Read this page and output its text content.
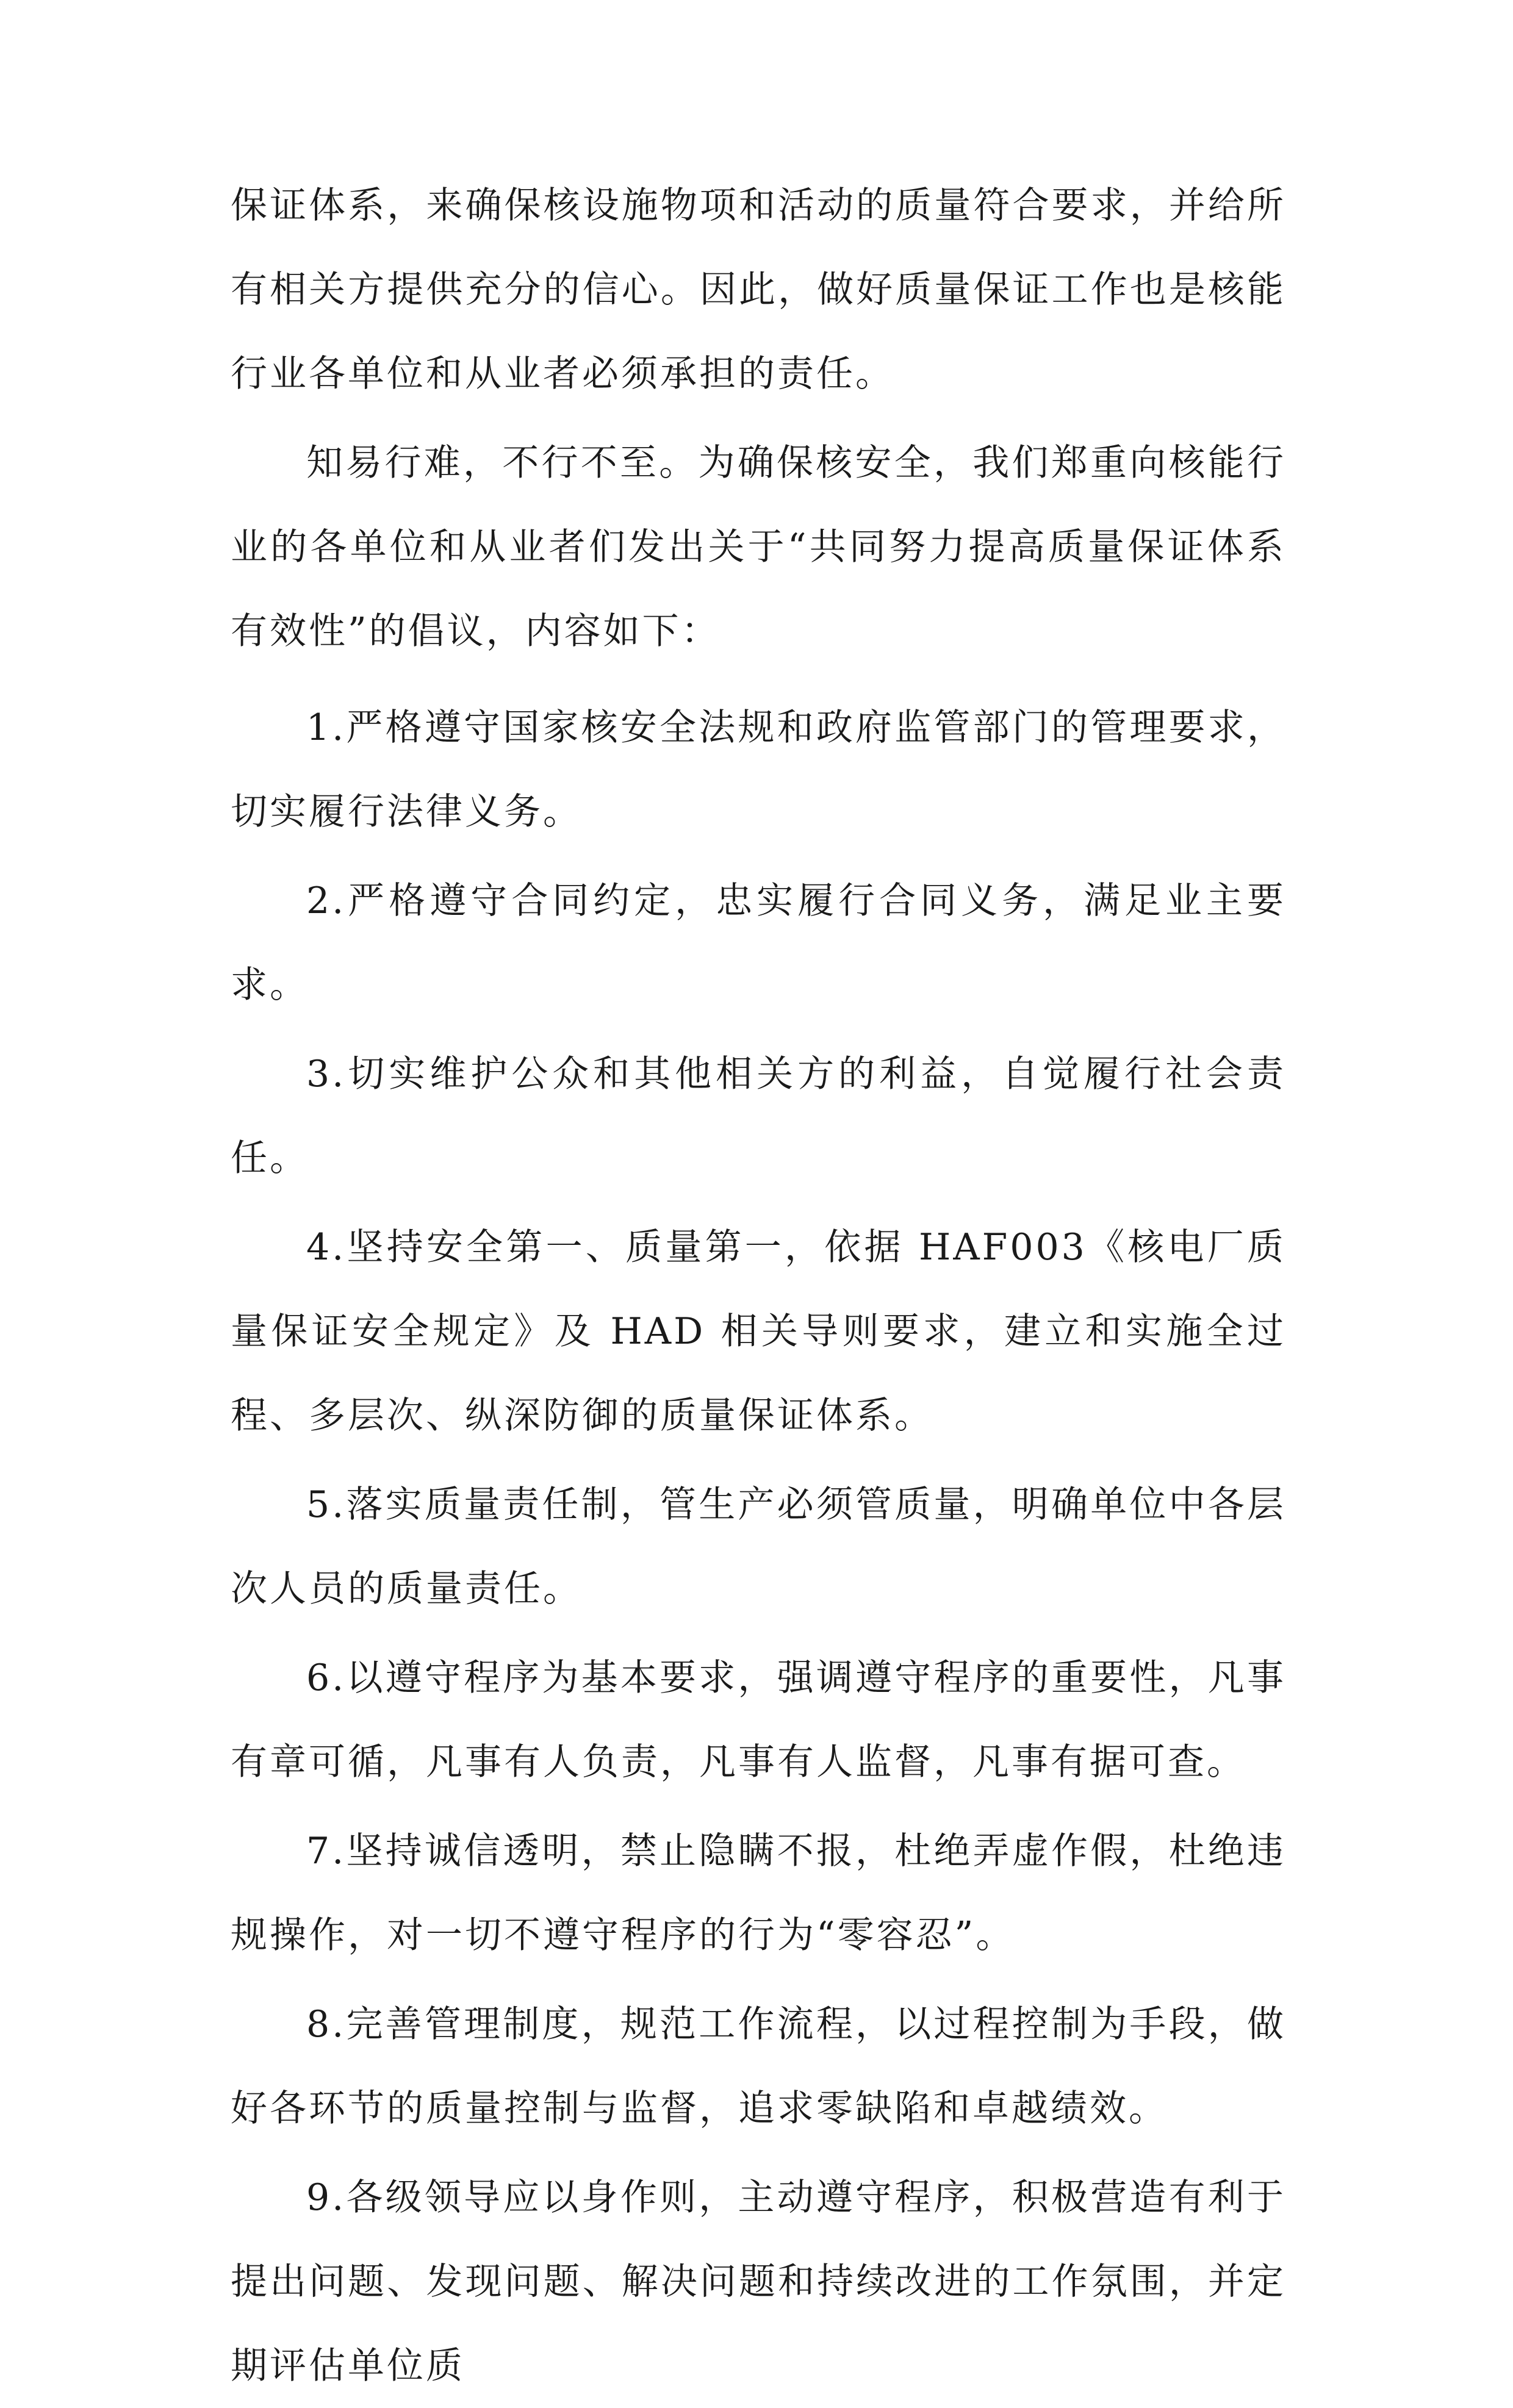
保证体系，来确保核设施物项和活动的质量符合要求，并给所有相关方提供充分的信心。因此，做好质量保证工作也是核能行业各单位和从业者必须承担的责任。

知易行难，不行不至。为确保核安全，我们郑重向核能行业的各单位和从业者们发出关于“共同努力提高质量保证体系有效性”的倡议，内容如下：

1.严格遵守国家核安全法规和政府监管部门的管理要求，切实履行法律义务。

2.严格遵守合同约定，忠实履行合同义务，满足业主要求。

3.切实维护公众和其他相关方的利益，自觉履行社会责任。

4.坚持安全第一、质量第一，依据 HAF003《核电厂质量保证安全规定》及 HAD 相关导则要求，建立和实施全过程、多层次、纵深防御的质量保证体系。

5.落实质量责任制，管生产必须管质量，明确单位中各层次人员的质量责任。

6.以遵守程序为基本要求，强调遵守程序的重要性，凡事有章可循，凡事有人负责，凡事有人监督，凡事有据可查。

7.坚持诚信透明，禁止隐瞒不报，杜绝弄虚作假，杜绝违规操作，对一切不遵守程序的行为“零容忍”。

8.完善管理制度，规范工作流程，以过程控制为手段，做好各环节的质量控制与监督，追求零缺陷和卓越绩效。

9.各级领导应以身作则，主动遵守程序，积极营造有利于提出问题、发现问题、解决问题和持续改进的工作氛围，并定期评估单位质
